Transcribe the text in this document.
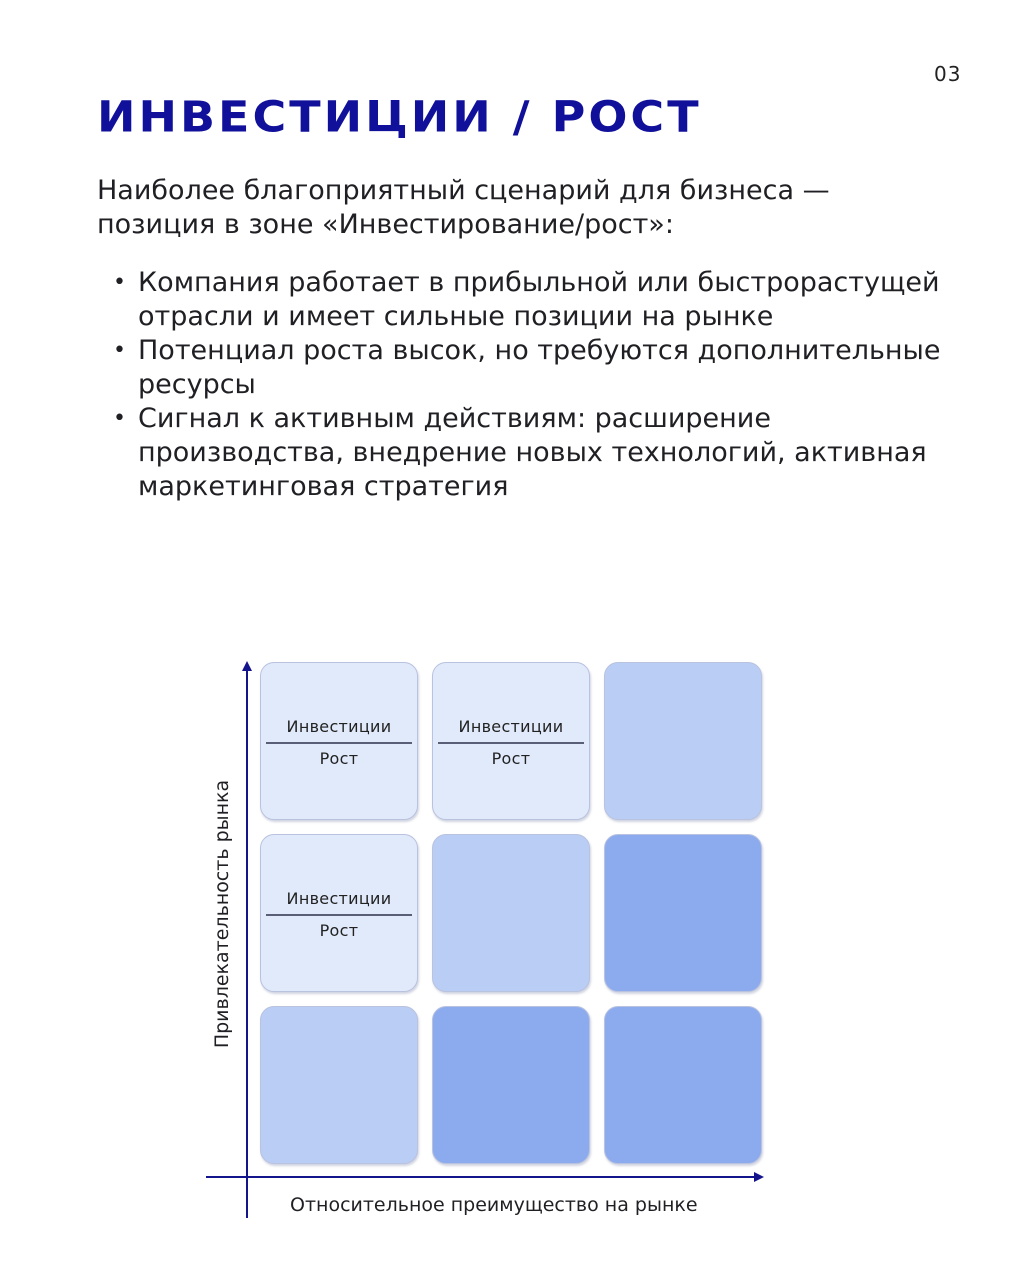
03
ИНВЕСТИЦИИ / РОСТ

Наиболее благоприятный сценарий для бизнеса — позиция в зоне «Инвестирование/рост»:

• Компания работает в прибыльной или быстрорастущей отрасли и имеет сильные позиции на рынке
• Потенциал роста высок, но требуются дополнительные ресурсы
• Сигнал к активным действиям: расширение производства, внедрение новых технологий, активная маркетинговая стратегия
Привлекательность рынка
Относительное преимущество на рынке
Инвестиции
Рост
Инвестиции
Рост
Инвестиции
Рост
